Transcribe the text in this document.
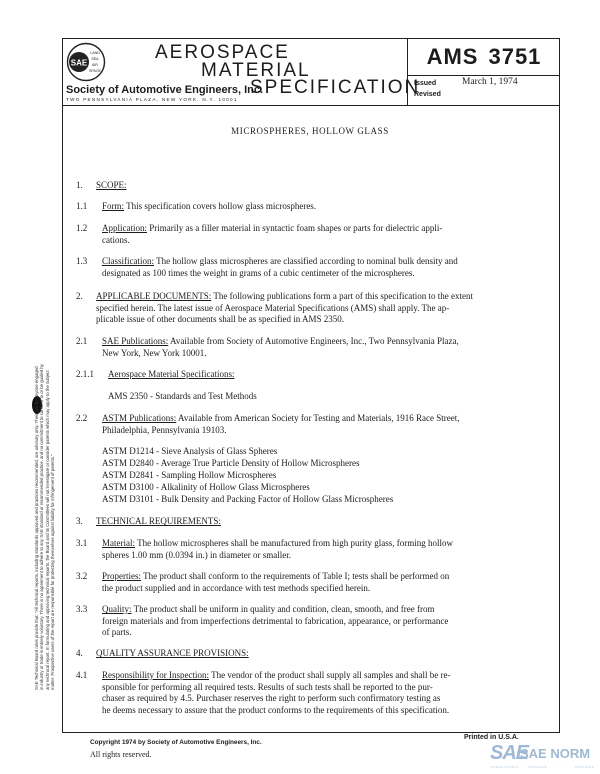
SAE
LAND
SEA
AIR
SPACE
AEROSPACE
MATERIAL
SPECIFICATION
Society of Automotive Engineers, Inc.
TWO PENNSYLVANIA PLAZA, NEW YORK, N.Y. 10001
AMS 3751
Issued	March 1, 1974
Revised
MICROSPHERES, HOLLOW GLASS
1. SCOPE:
1.1 Form: This specification covers hollow glass microspheres.
1.2 Application: Primarily as a filler material in syntactic foam shapes or parts for dielectric appli-
cations.
1.3 Classification: The hollow glass microspheres are classified according to nominal bulk density and
designated as 100 times the weight in grams of a cubic centimeter of the microspheres.
2. APPLICABLE DOCUMENTS: The following publications form a part of this specification to the extent
specified herein. The latest issue of Aerospace Material Specifications (AMS) shall apply. The ap-
plicable issue of other documents shall be as specified in AMS 2350.
2.1 SAE Publications: Available from Society of Automotive Engineers, Inc., Two Pennsylvania Plaza,
New York, New York 10001.
2.1.1 Aerospace Material Specifications:
AMS 2350 - Standards and Test Methods
2.2 ASTM Publications: Available from American Society for Testing and Materials, 1916 Race Street,
Philadelphia, Pennsylvania 19103.
ASTM D1214 - Sieve Analysis of Glass Spheres
ASTM D2840 - Average True Particle Density of Hollow Microspheres
ASTM D2841 - Sampling Hollow Microspheres
ASTM D3100 - Alkalinity of Hollow Glass Microspheres
ASTM D3101 - Bulk Density and Packing Factor of Hollow Glass Microspheres
3. TECHNICAL REQUIREMENTS:
3.1 Material: The hollow microspheres shall be manufactured from high purity glass, forming hollow
spheres 1.00 mm (0.0394 in.) in diameter or smaller.
3.2 Properties: The product shall conform to the requirements of Table I; tests shall be performed on
the product supplied and in accordance with test methods specified herein.
3.3 Quality: The product shall be uniform in quality and condition, clean, smooth, and free from
foreign materials and from imperfections detrimental to fabrication, appearance, or performance
of parts.
4. QUALITY ASSURANCE PROVISIONS:
4.1 Responsibility for Inspection: The vendor of the product shall supply all samples and shall be re-
sponsible for performing all required tests. Results of such tests shall be reported to the pur-
chaser as required by 4.5. Purchaser reserves the right to perform such confirmatory testing as
he deems necessary to assure that the product conforms to the requirements of this specification.
SAE Technical Board rules provide that: "All technical reports, including standards approved and practices recommended, are advisory only. Their use by anyone engaged in industry or trade is entirely voluntary. There is no agreement to adhere to any SAE standard or recommended practice, and no commitment to conform to or be guided by any technical report. In formulating and approving technical reports, the Board and its Committees will not investigate or consider patents which may apply to the subject matter. Prospective users of the report are responsible for protecting themselves against liability for infringement of patents."
Copyright 1974 by Society of Automotive Engineers, Inc.
All rights reserved.
Printed in U.S.A.
SAE
SAE NORM
INTERNATIONAL · · · STANDARD · · · · · · · · · · CERTIFIED
